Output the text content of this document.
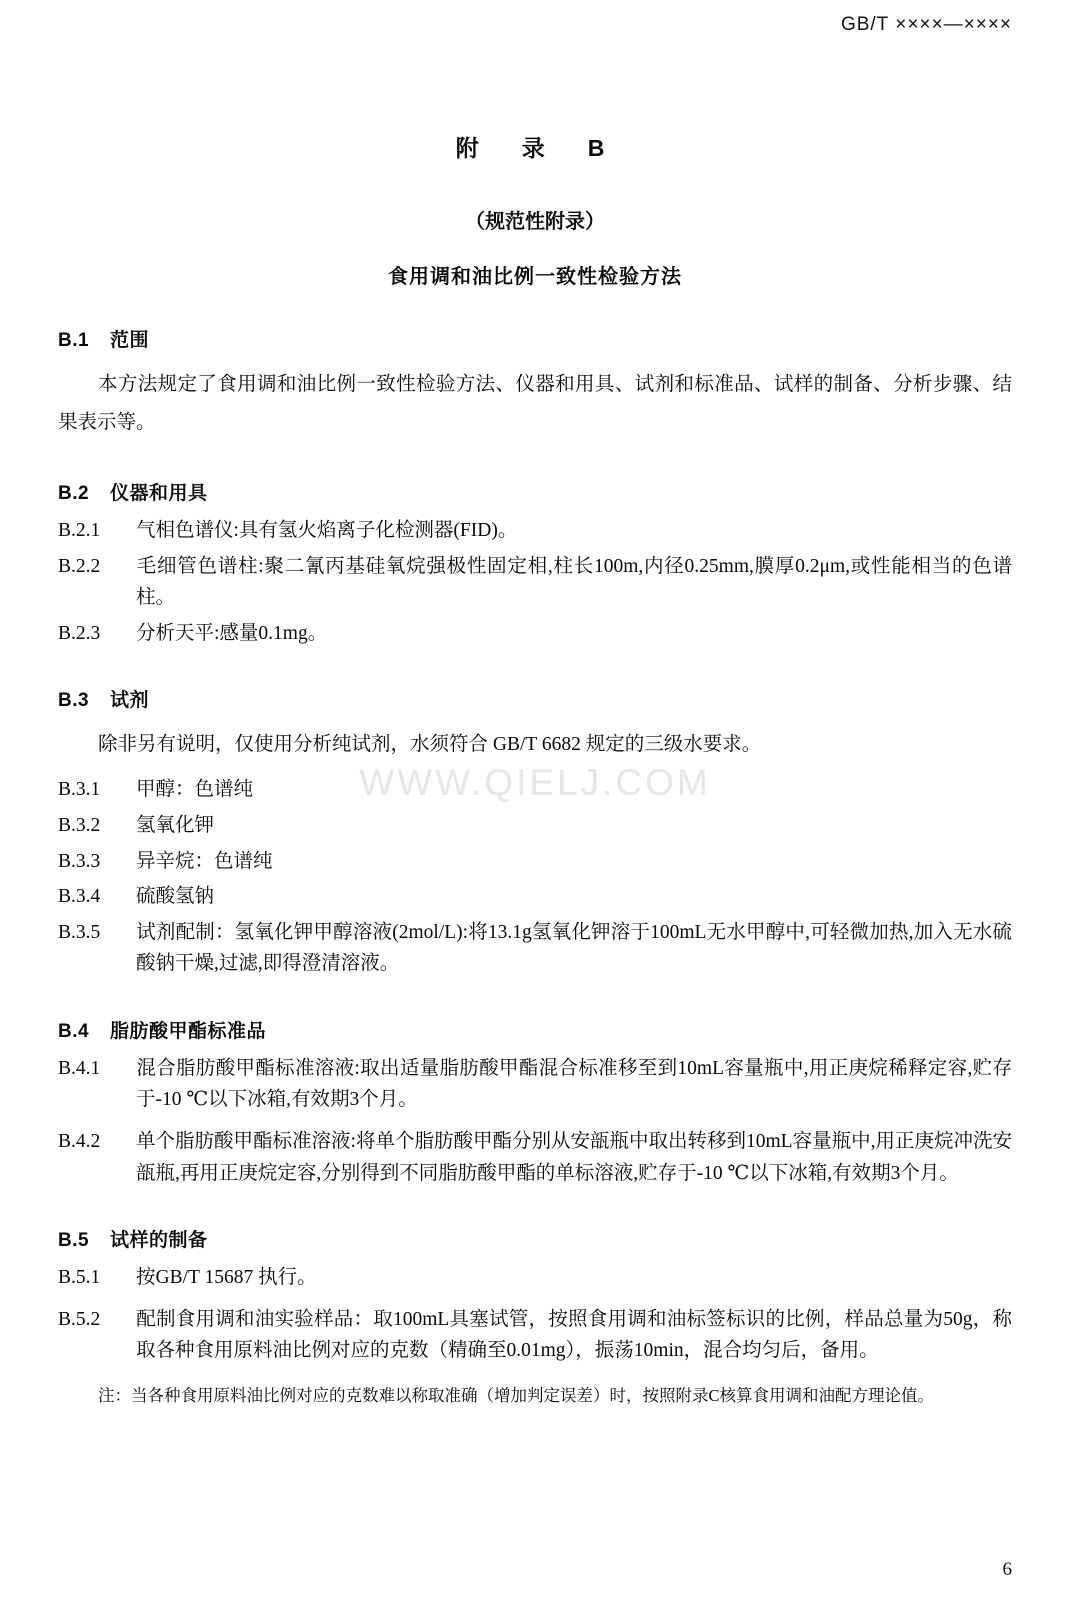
WWW.QIELJ.COM
GB/T ××××—××××
附　录　B
（规范性附录）
食用调和油比例一致性检验方法
B.1 范围

本方法规定了食用调和油比例一致性检验方法、仪器和用具、试剂和标准品、试样的制备、分析步骤、结果表示等。

B.2 仪器和用具

B.2.1 气相色谱仪:具有氢火焰离子化检测器(FID)。

B.2.2 毛细管色谱柱:聚二氰丙基硅氧烷强极性固定相,柱长100m,内径0.25mm,膜厚0.2μm,或性能相当的色谱柱。

B.2.3 分析天平:感量0.1mg。

B.3 试剂

除非另有说明，仅使用分析纯试剂，水须符合 GB/T 6682 规定的三级水要求。

B.3.1 甲醇：色谱纯

B.3.2 氢氧化钾

B.3.3 异辛烷：色谱纯

B.3.4 硫酸氢钠

B.3.5 试剂配制：氢氧化钾甲醇溶液(2mol/L):将13.1g氢氧化钾溶于100mL无水甲醇中,可轻微加热,加入无水硫酸钠干燥,过滤,即得澄清溶液。

B.4 脂肪酸甲酯标准品

B.4.1 混合脂肪酸甲酯标准溶液:取出适量脂肪酸甲酯混合标准移至到10mL容量瓶中,用正庚烷稀释定容,贮存于-10 ℃以下冰箱,有效期3个月。

B.4.2 单个脂肪酸甲酯标准溶液:将单个脂肪酸甲酯分别从安瓿瓶中取出转移到10mL容量瓶中,用正庚烷冲洗安瓿瓶,再用正庚烷定容,分别得到不同脂肪酸甲酯的单标溶液,贮存于-10 ℃以下冰箱,有效期3个月。

B.5 试样的制备

B.5.1 按GB/T 15687 执行。

B.5.2 配制食用调和油实验样品：取100mL具塞试管，按照食用调和油标签标识的比例，样品总量为50g，称取各种食用原料油比例对应的克数（精确至0.01mg），振荡10min，混合均匀后，备用。

注：当各种食用原料油比例对应的克数难以称取准确（增加判定误差）时，按照附录C核算食用调和油配方理论值。

6
